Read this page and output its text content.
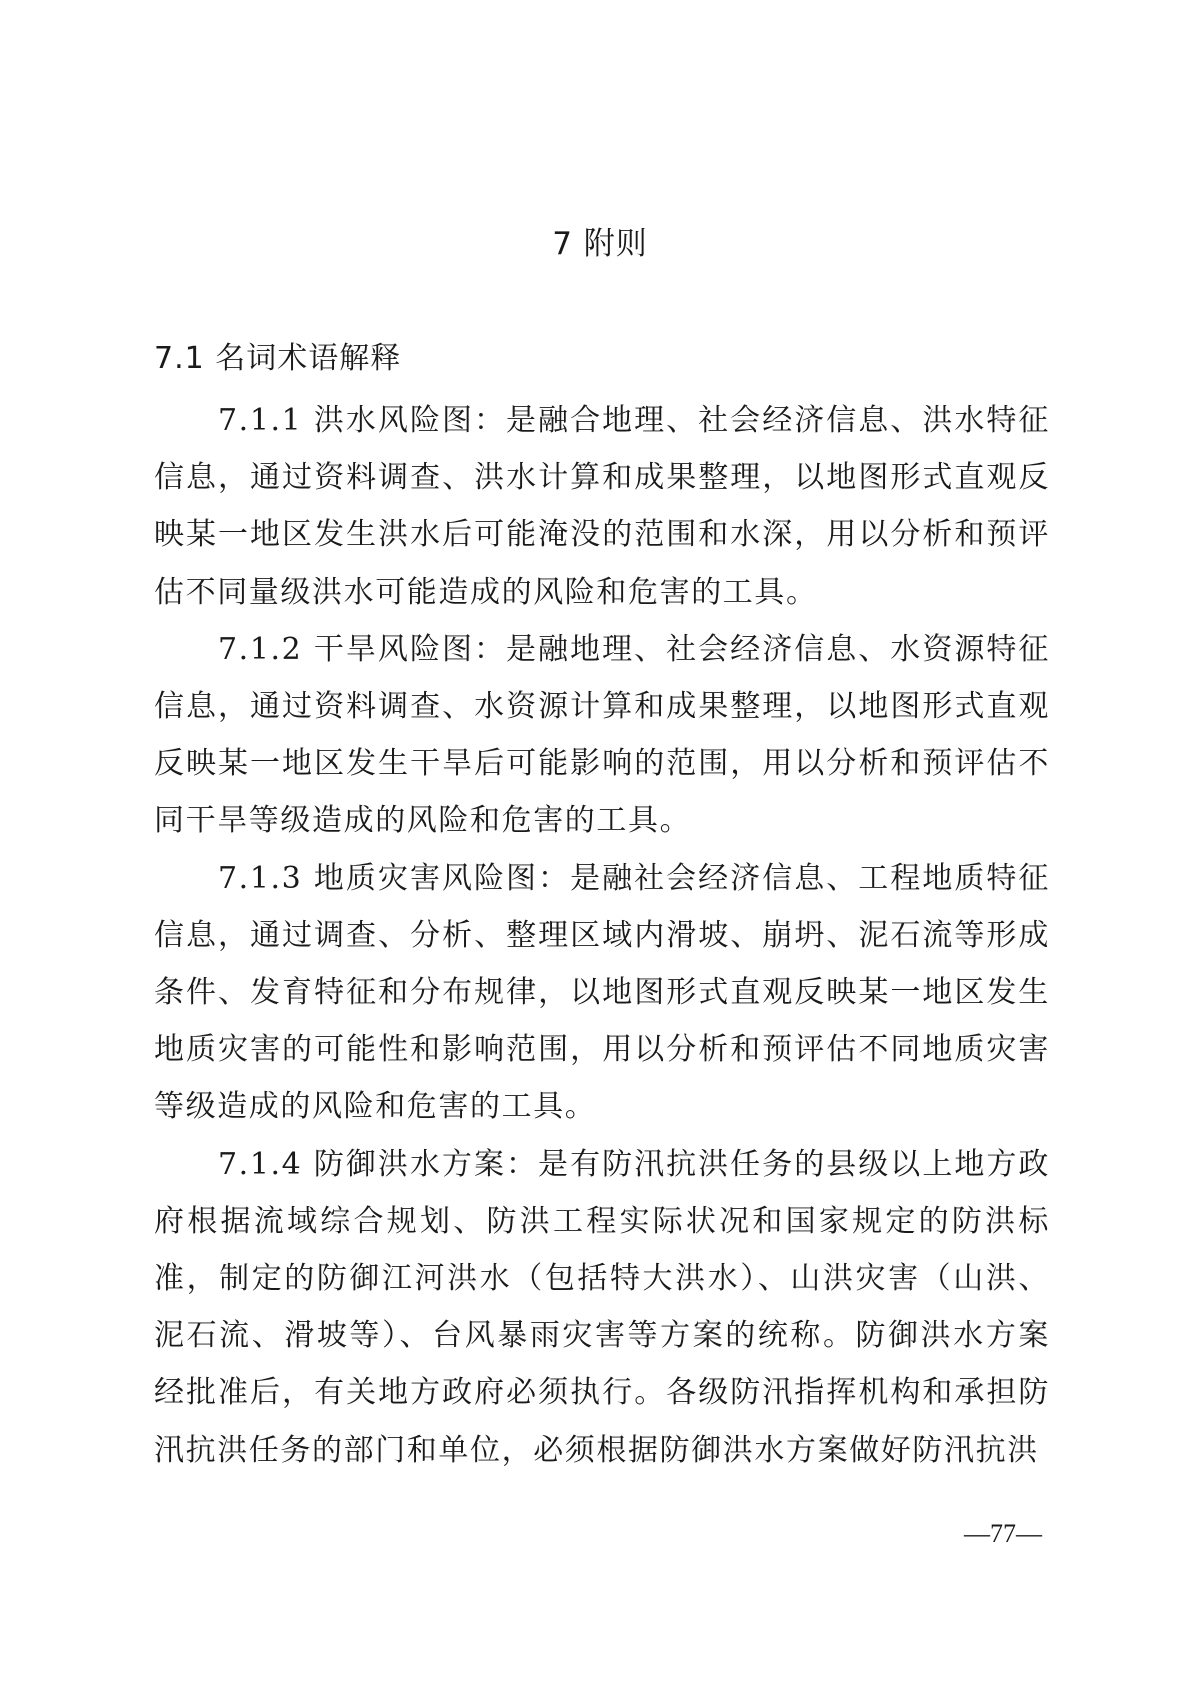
7 附则
7.1 名词术语解释

7.1.1 洪水风险图：是融合地理、社会经济信息、洪水特征信息，通过资料调查、洪水计算和成果整理，以地图形式直观反映某一地区发生洪水后可能淹没的范围和水深，用以分析和预评估不同量级洪水可能造成的风险和危害的工具。

7.1.2 干旱风险图：是融地理、社会经济信息、水资源特征信息，通过资料调查、水资源计算和成果整理，以地图形式直观反映某一地区发生干旱后可能影响的范围，用以分析和预评估不同干旱等级造成的风险和危害的工具。

7.1.3 地质灾害风险图：是融社会经济信息、工程地质特征信息，通过调查、分析、整理区域内滑坡、崩坍、泥石流等形成条件、发育特征和分布规律，以地图形式直观反映某一地区发生地质灾害的可能性和影响范围，用以分析和预评估不同地质灾害等级造成的风险和危害的工具。

7.1.4 防御洪水方案：是有防汛抗洪任务的县级以上地方政府根据流域综合规划、防洪工程实际状况和国家规定的防洪标准，制定的防御江河洪水（包括特大洪水）、山洪灾害（山洪、泥石流、滑坡等）、台风暴雨灾害等方案的统称。防御洪水方案经批准后，有关地方政府必须执行。各级防汛指挥机构和承担防汛抗洪任务的部门和单位，必须根据防御洪水方案做好防汛抗洪

—77—
